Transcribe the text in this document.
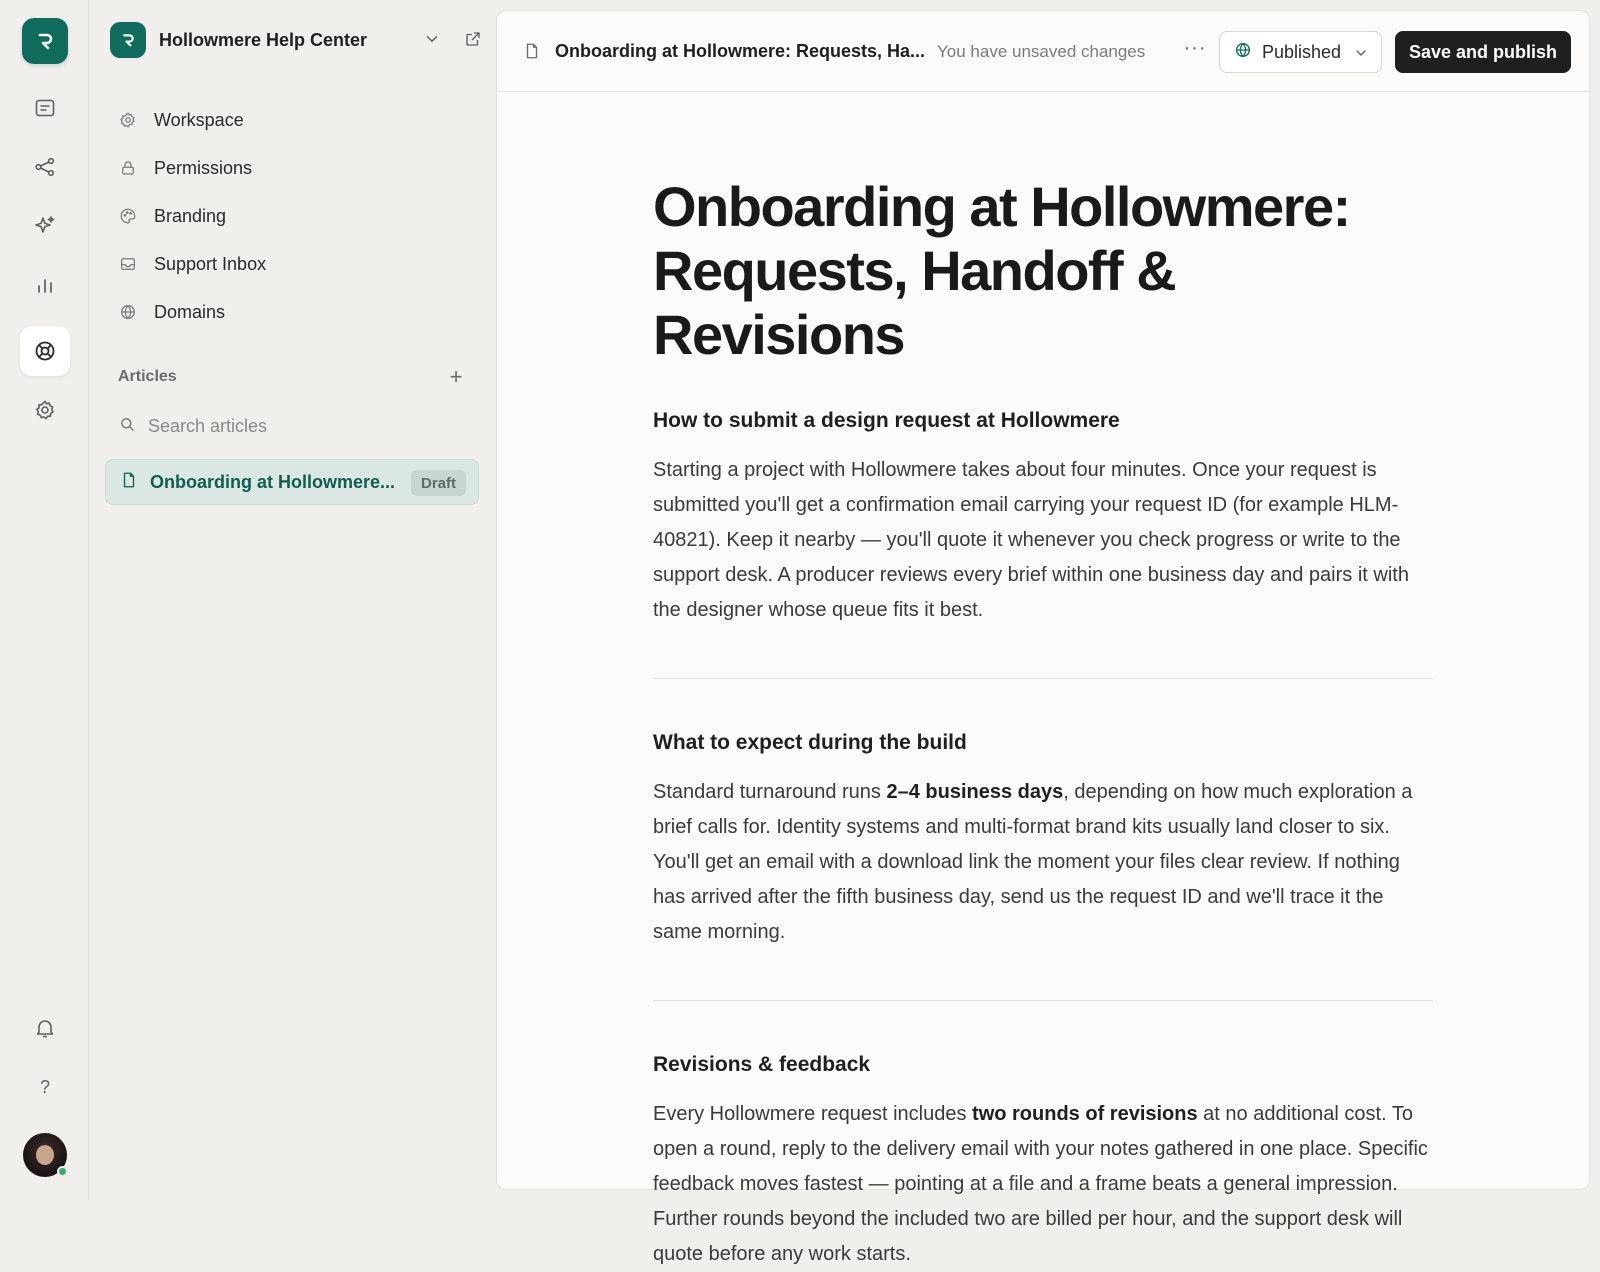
?
Hollowmere Help Center
Workspace
Permissions
Branding
Support Inbox
Domains
Articles	+
Search articles
Onboarding at Hollowmere...	Draft
Onboarding at Hollowmere: Requests, Ha... You have unsaved changes ···	Published	Save and publish
Onboarding at Hollowmere: Requests, Handoff & Revisions
How to submit a design request at Hollowmere

Starting a project with Hollowmere takes about four minutes. Once your request is submitted you'll get a confirmation email carrying your request ID (for example HLM-40821). Keep it nearby — you'll quote it whenever you check progress or write to the support desk. A producer reviews every brief within one business day and pairs it with the designer whose queue fits it best.

What to expect during the build

Standard turnaround runs 2–4 business days, depending on how much exploration a brief calls for. Identity systems and multi-format brand kits usually land closer to six. You'll get an email with a download link the moment your files clear review. If nothing has arrived after the fifth business day, send us the request ID and we'll trace it the same morning.

Revisions & feedback

Every Hollowmere request includes two rounds of revisions at no additional cost. To open a round, reply to the delivery email with your notes gathered in one place. Specific feedback moves fastest — pointing at a file and a frame beats a general impression. Further rounds beyond the included two are billed per hour, and the support desk will quote before any work starts.
